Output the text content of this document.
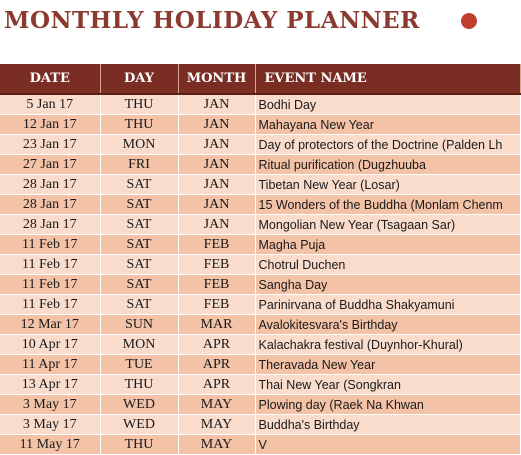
MONTHLY HOLIDAY PLANNER
DATE	DAY	MONTH	EVENT NAME
5 Jan 17	THU	JAN	Bodhi Day
12 Jan 17	THU	JAN	Mahayana New Year
23 Jan 17	MON	JAN	Day of protectors of the Doctrine (Palden Lh
27 Jan 17	FRI	JAN	Ritual purification (Dugzhuuba
28 Jan 17	SAT	JAN	Tibetan New Year (Losar)
28 Jan 17	SAT	JAN	15 Wonders of the Buddha (Monlam Chenm
28 Jan 17	SAT	JAN	Mongolian New Year (Tsagaan Sar)
11 Feb 17	SAT	FEB	Magha Puja
11 Feb 17	SAT	FEB	Chotrul Duchen
11 Feb 17	SAT	FEB	Sangha Day
11 Feb 17	SAT	FEB	Parinirvana of Buddha Shakyamuni
12 Mar 17	SUN	MAR	Avalokitesvara's Birthday
10 Apr 17	MON	APR	Kalachakra festival (Duynhor-Khural)
11 Apr 17	TUE	APR	Theravada New Year
13 Apr 17	THU	APR	Thai New Year (Songkran
3 May 17	WED	MAY	Plowing day (Raek Na Khwan
3 May 17	WED	MAY	Buddha's Birthday
11 May 17	THU	MAY	V
